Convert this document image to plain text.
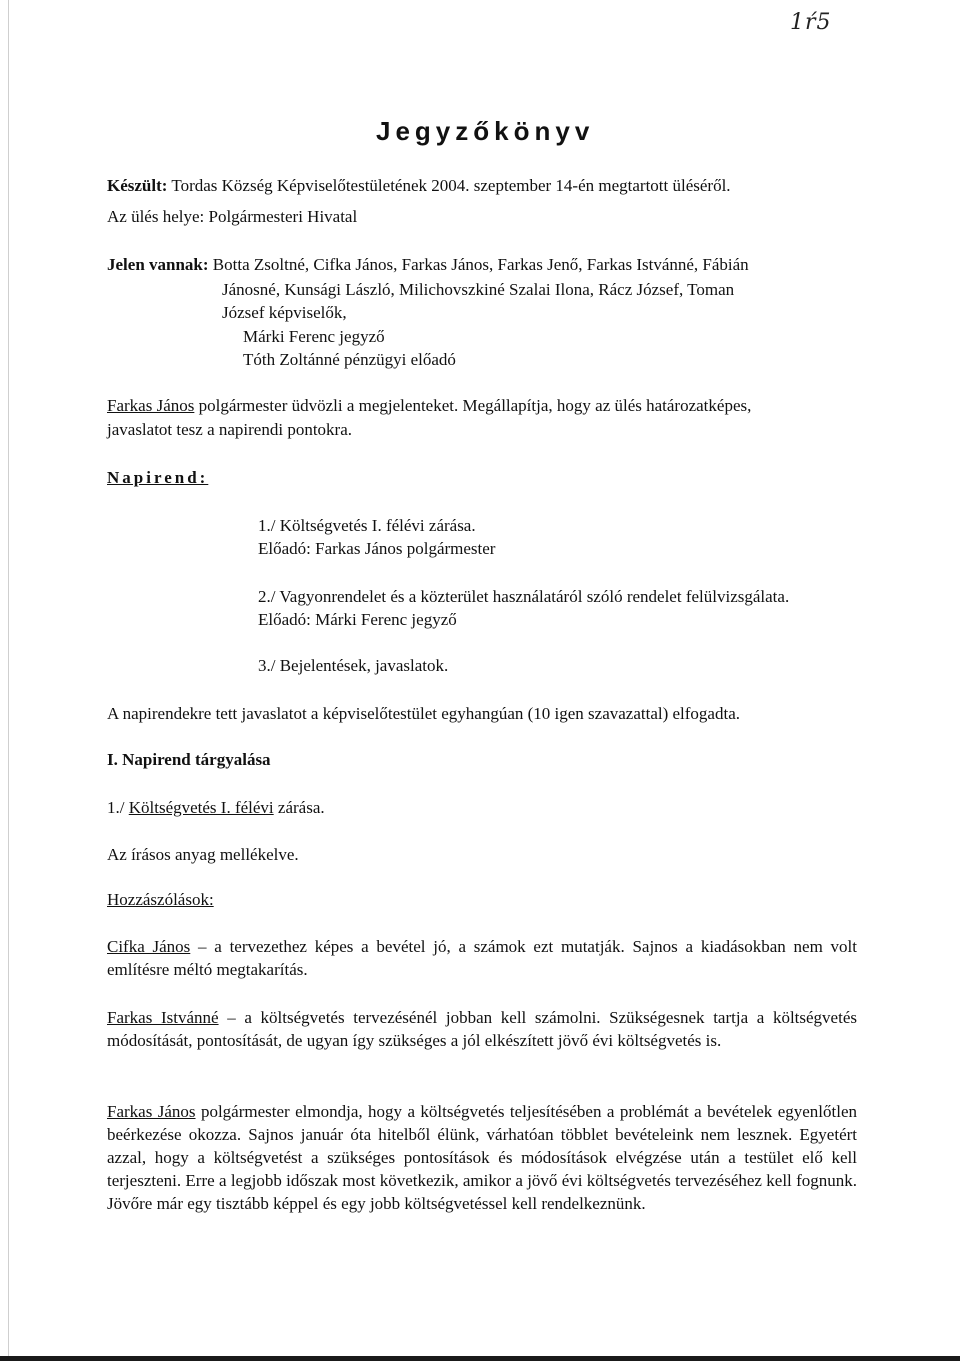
1ŕ5
Jegyzőkönyv
Készült: Tordas Község Képviselőtestületének 2004. szeptember 14-én megtartott üléséről.
Az ülés helye: Polgármesteri Hivatal
Jelen vannak: Botta Zsoltné, Cifka János, Farkas János, Farkas Jenő, Farkas Istvánné, Fábián
Jánosné, Kunsági László, Milichovszkiné Szalai Ilona, Rácz József, Toman
József képviselők,
Márki Ferenc jegyző
Tóth Zoltánné pénzügyi előadó
Farkas János polgármester üdvözli a megjelenteket. Megállapítja, hogy az ülés határozatképes,
javaslatot tesz a napirendi pontokra.
Napirend:
1./ Költségvetés I. félévi zárása.
Előadó: Farkas János polgármester
2./ Vagyonrendelet és a közterület használatáról szóló rendelet felülvizsgálata.
Előadó: Márki Ferenc jegyző
3./ Bejelentések, javaslatok.
A napirendekre tett javaslatot a képviselőtestület egyhangúan (10 igen szavazattal) elfogadta.
I. Napirend tárgyalása
1./ Költségvetés I. félévi zárása.
Az írásos anyag mellékelve.
Hozzászólások:
Cifka János – a tervezethez képes a bevétel jó, a számok ezt mutatják. Sajnos a kiadásokban nem volt említésre méltó megtakarítás.
Farkas Istvánné – a költségvetés tervezésénél jobban kell számolni. Szükségesnek tartja a költségvetés módosítását, pontosítását, de ugyan így szükséges a jól elkészített jövő évi költségvetés is.
Farkas János polgármester elmondja, hogy a költségvetés teljesítésében a problémát a bevételek egyenlőtlen beérkezése okozza. Sajnos január óta hitelből élünk, várhatóan többlet bevételeink nem lesznek. Egyetért azzal, hogy a költségvetést a szükséges pontosítások és módosítások elvégzése után a testület elő kell terjeszteni. Erre a legjobb időszak most következik, amikor a jövő évi költségvetés tervezéséhez kell fognunk. Jövőre már egy tisztább képpel és egy jobb költségvetéssel kell rendelkeznünk.
